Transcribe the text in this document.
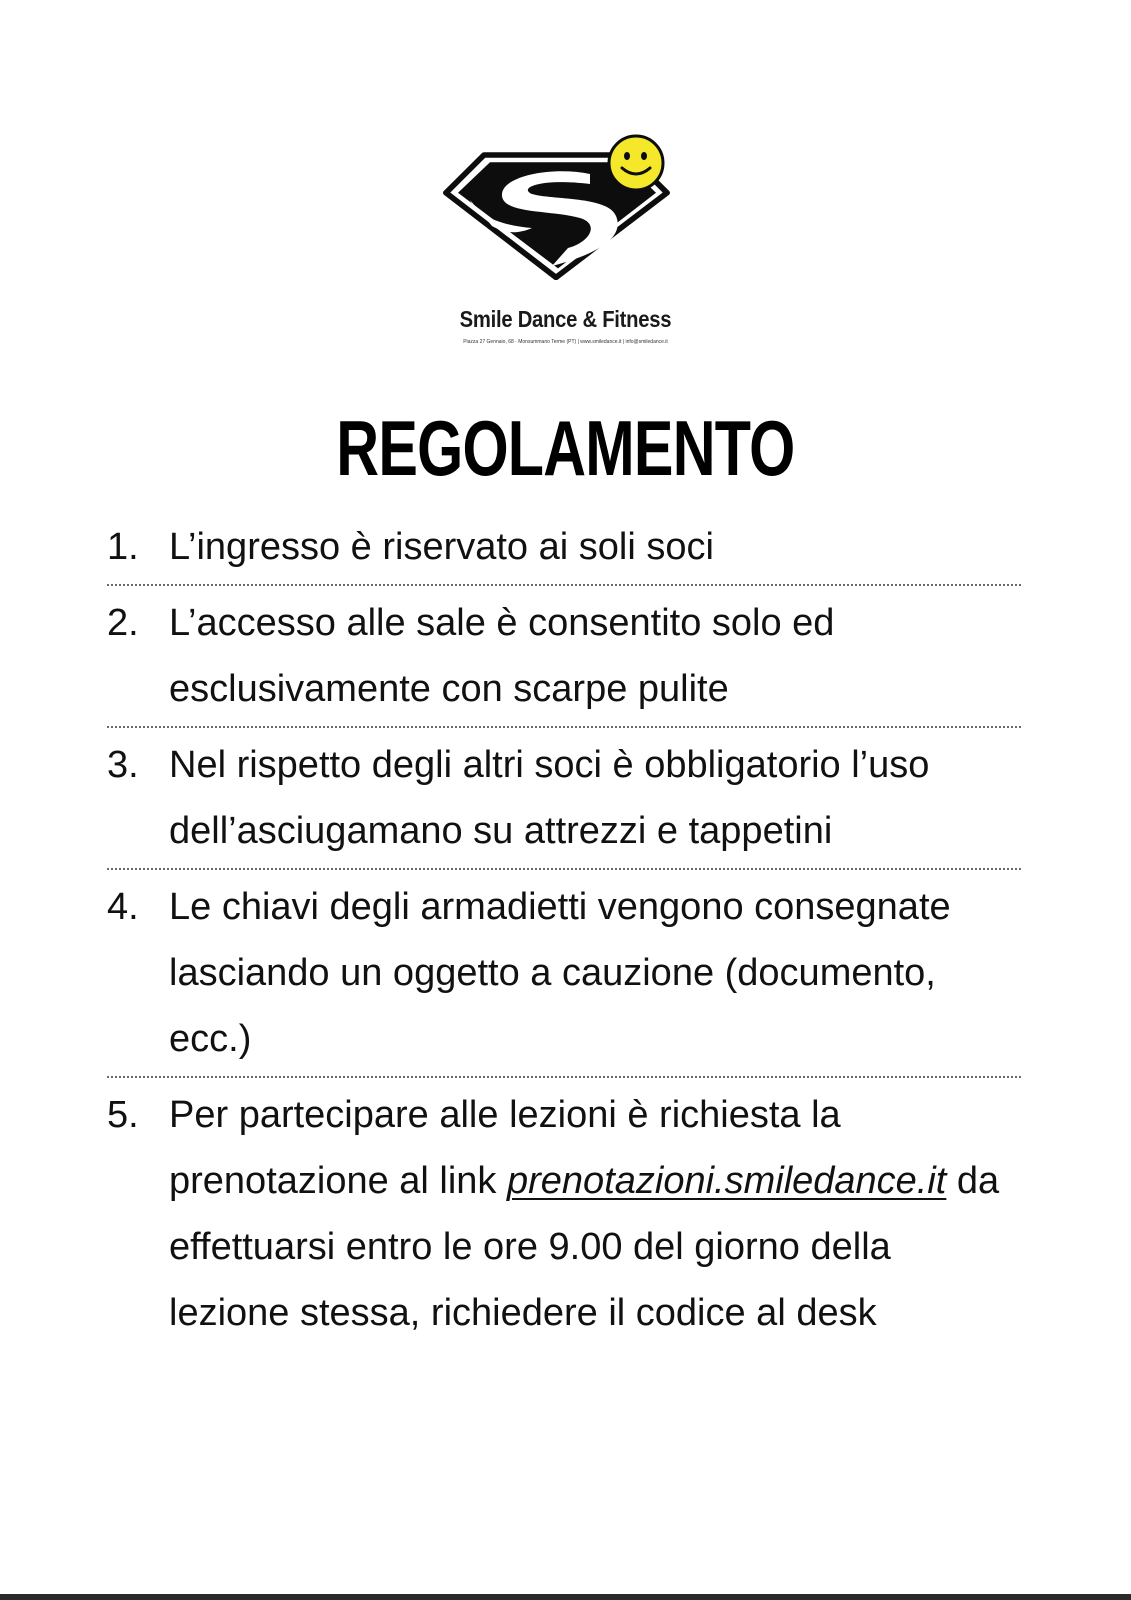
Smile Dance & Fitness
Piazza 27 Gennaio, 68 · Monsummano Terme (PT) | www.smiledance.it | info@smiledance.it
REGOLAMENTO
1. L’ingresso è riservato ai soli soci
2. L’accesso alle sale è consentito solo ed esclusivamente con scarpe pulite
3. Nel rispetto degli altri soci è obbligatorio l’uso dell’asciugamano su attrezzi e tappetini
4. Le chiavi degli armadietti vengono consegnate lasciando un oggetto a cauzione (documento, ecc.)
5. Per partecipare alle lezioni è richiesta la prenotazione al link prenotazioni.smiledance.it da effettuarsi entro le ore 9.00 del giorno della lezione stessa, richiedere il codice al desk
